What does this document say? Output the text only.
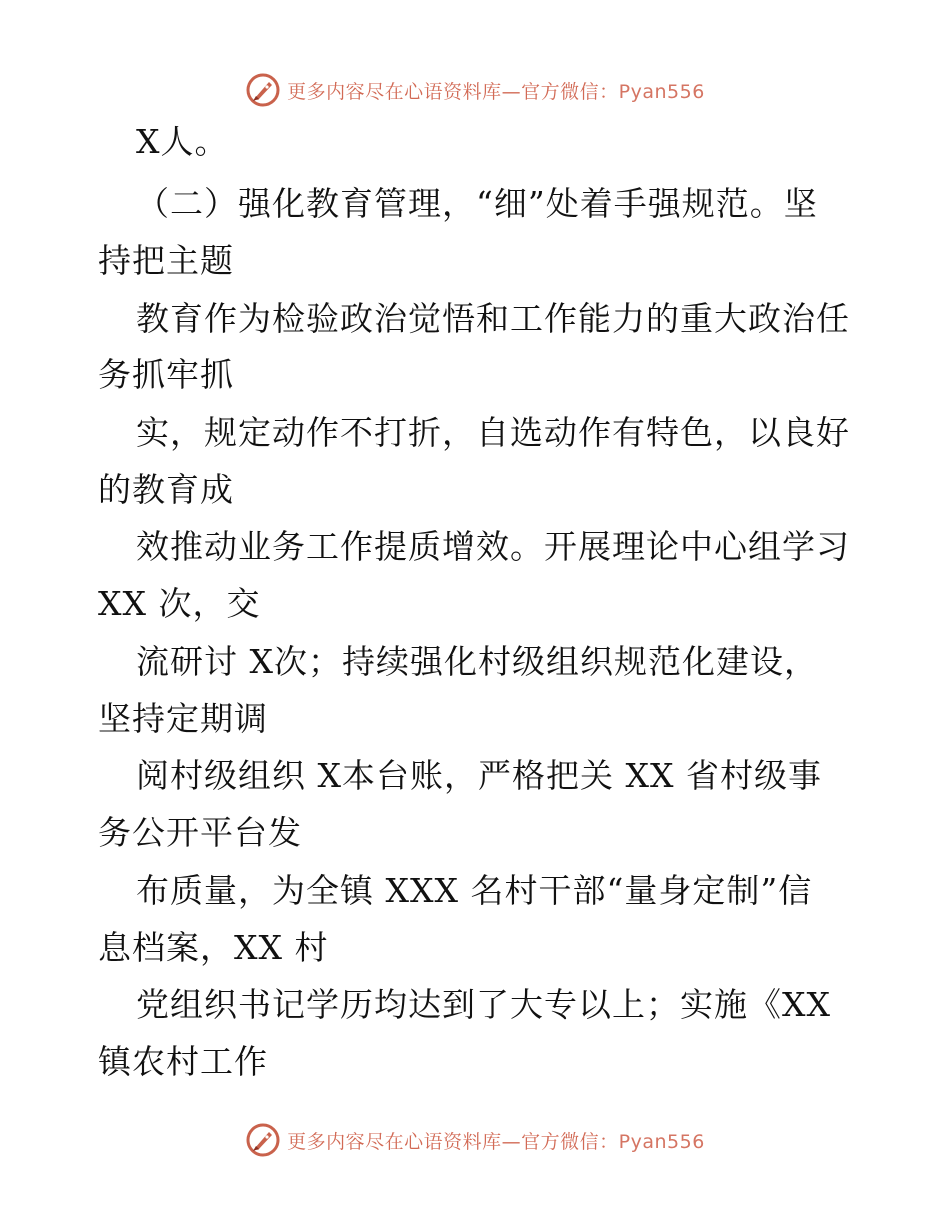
更多内容尽在心语资料库—官方微信：Pyan556
X人。
（二）强化教育管理，“细”处着手强规范。坚
持把主题
教育作为检验政治觉悟和工作能力的重大政治任
务抓牢抓
实，规定动作不打折，自选动作有特色，以良好
的教育成
效推动业务工作提质增效。开展理论中心组学习
XX 次，交
流研讨 X次；持续强化村级组织规范化建设，
坚持定期调
阅村级组织 X本台账，严格把关 XX 省村级事
务公开平台发
布质量，为全镇 XXX 名村干部“量身定制”信
息档案，XX 村
党组织书记学历均达到了大专以上；实施《XX
镇农村工作
更多内容尽在心语资料库—官方微信：Pyan556
